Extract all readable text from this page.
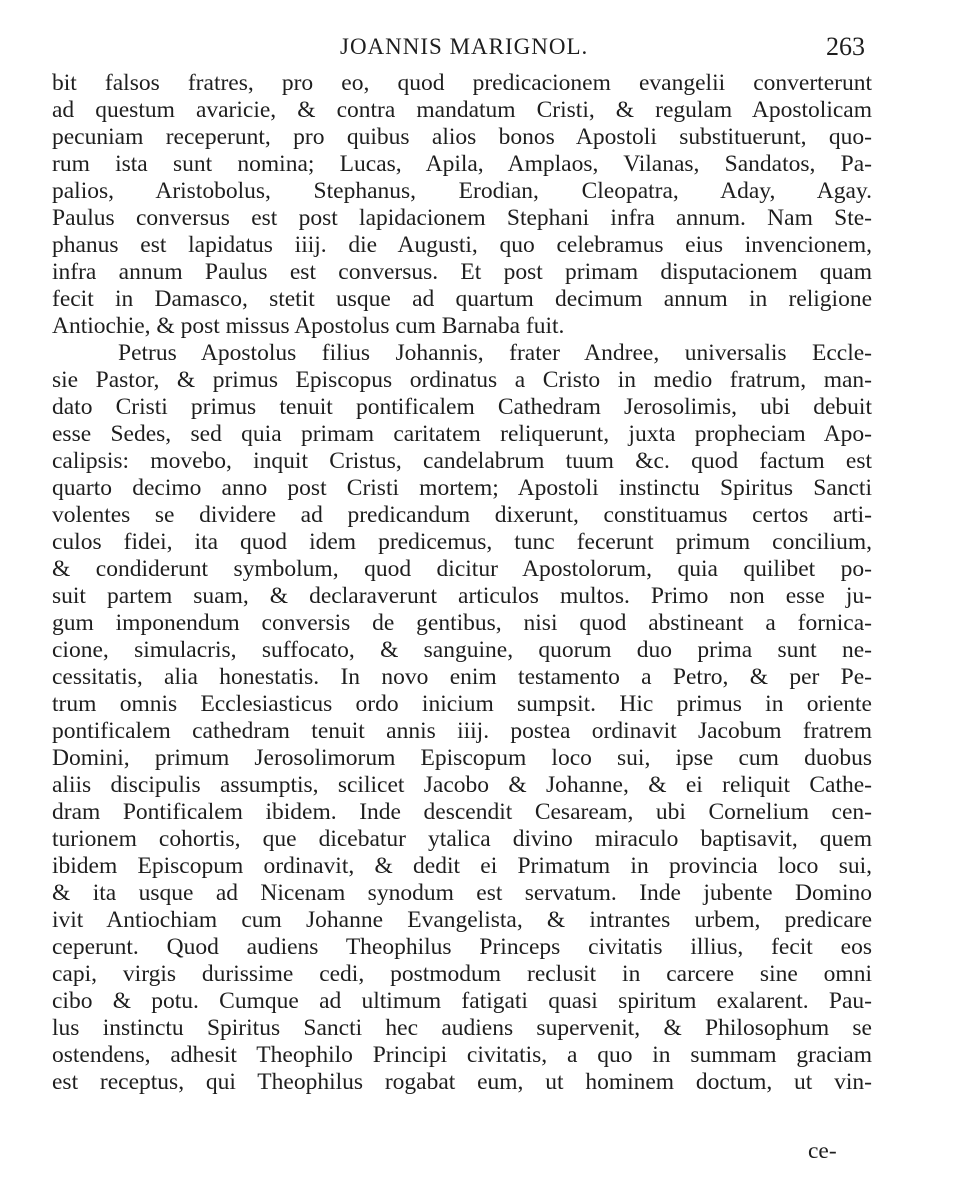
JOANNIS MARIGNOL.	263
bit falsos fratres, pro eo, quod predicacionem evangelii converterunt
ad questum avaricie, & contra mandatum Cristi, & regulam Apostolicam
pecuniam receperunt, pro quibus alios bonos Apostoli substituerunt, quo-
rum ista sunt nomina; Lucas, Apila, Amplaos, Vilanas, Sandatos, Pa-
palios, Aristobolus, Stephanus, Erodian, Cleopatra, Aday, Agay.
Paulus conversus est post lapidacionem Stephani infra annum. Nam Ste-
phanus est lapidatus iiij. die Augusti, quo celebramus eius invencionem,
infra annum Paulus est conversus. Et post primam disputacionem quam
fecit in Damasco, stetit usque ad quartum decimum annum in religione
Antiochie, & post missus Apostolus cum Barnaba fuit.
Petrus Apostolus filius Johannis, frater Andree, universalis Eccle-
sie Pastor, & primus Episcopus ordinatus a Cristo in medio fratrum, man-
dato Cristi primus tenuit pontificalem Cathedram Jerosolimis, ubi debuit
esse Sedes, sed quia primam caritatem reliquerunt, juxta propheciam Apo-
calipsis: movebo, inquit Cristus, candelabrum tuum &c. quod factum est
quarto decimo anno post Cristi mortem; Apostoli instinctu Spiritus Sancti
volentes se dividere ad predicandum dixerunt, constituamus certos arti-
culos fidei, ita quod idem predicemus, tunc fecerunt primum concilium,
& condiderunt symbolum, quod dicitur Apostolorum, quia quilibet po-
suit partem suam, & declaraverunt articulos multos. Primo non esse ju-
gum imponendum conversis de gentibus, nisi quod abstineant a fornica-
cione, simulacris, suffocato, & sanguine, quorum duo prima sunt ne-
cessitatis, alia honestatis. In novo enim testamento a Petro, & per Pe-
trum omnis Ecclesiasticus ordo inicium sumpsit. Hic primus in oriente
pontificalem cathedram tenuit annis iiij. postea ordinavit Jacobum fratrem
Domini, primum Jerosolimorum Episcopum loco sui, ipse cum duobus
aliis discipulis assumptis, scilicet Jacobo & Johanne, & ei reliquit Cathe-
dram Pontificalem ibidem. Inde descendit Cesaream, ubi Cornelium cen-
turionem cohortis, que dicebatur ytalica divino miraculo baptisavit, quem
ibidem Episcopum ordinavit, & dedit ei Primatum in provincia loco sui,
& ita usque ad Nicenam synodum est servatum. Inde jubente Domino
ivit Antiochiam cum Johanne Evangelista, & intrantes urbem, predicare
ceperunt. Quod audiens Theophilus Princeps civitatis illius, fecit eos
capi, virgis durissime cedi, postmodum reclusit in carcere sine omni
cibo & potu. Cumque ad ultimum fatigati quasi spiritum exalarent. Pau-
lus instinctu Spiritus Sancti hec audiens supervenit, & Philosophum se
ostendens, adhesit Theophilo Principi civitatis, a quo in summam graciam
est receptus, qui Theophilus rogabat eum, ut hominem doctum, ut vin-
ce-
